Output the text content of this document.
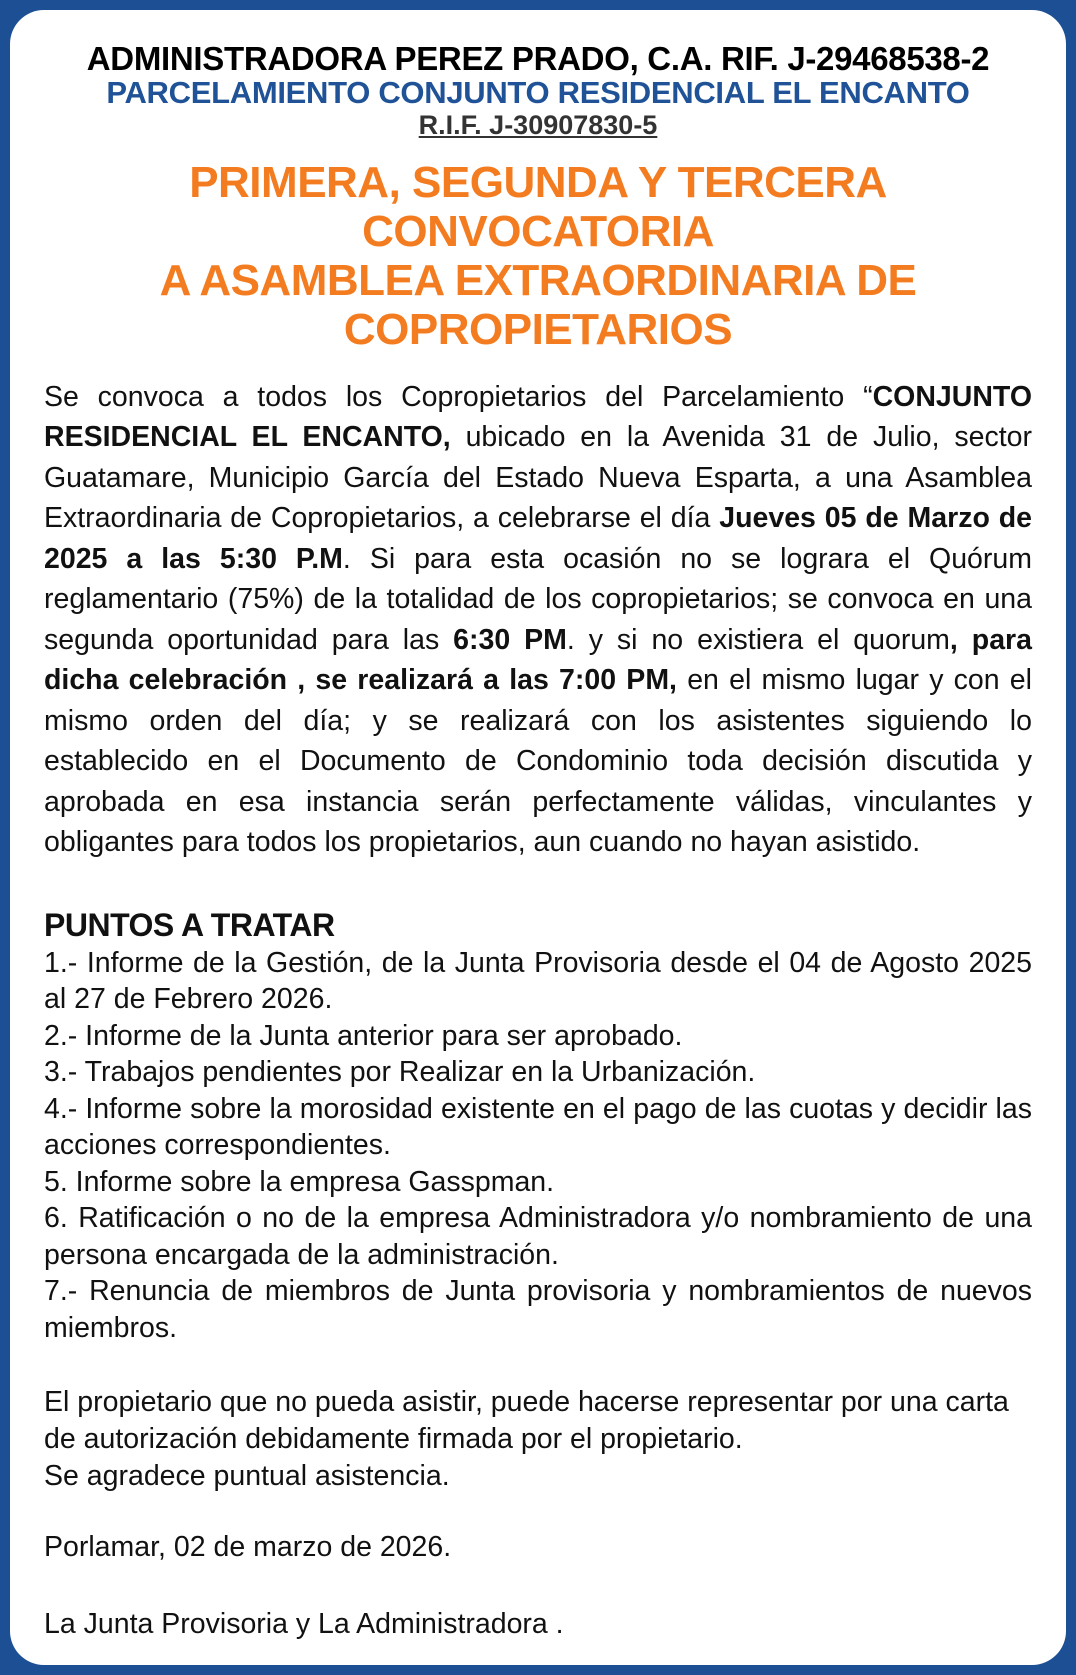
ADMINISTRADORA PEREZ PRADO, C.A. RIF. J-29468538-2
PARCELAMIENTO CONJUNTO RESIDENCIAL EL ENCANTO
R.I.F. J-30907830-5
PRIMERA, SEGUNDA Y TERCERA CONVOCATORIA
A ASAMBLEA EXTRAORDINARIA DE COPROPIETARIOS
Se convoca a todos los Copropietarios del Parcelamiento “CONJUNTO RESIDENCIAL EL ENCANTO, ubicado en la Avenida 31 de Julio, sector Guatamare, Municipio García del Estado Nueva Esparta, a una Asamblea Extraordinaria de Copropietarios, a celebrarse el día Jueves 05 de Marzo de 2025 a las 5:30 P.M. Si para esta ocasión no se lograra el Quórum reglamentario (75%) de la totalidad de los copropietarios; se convoca en una segunda oportunidad para las 6:30 PM. y si no existiera el quorum, para dicha celebración , se realizará a las 7:00 PM, en el mismo lugar y con el mismo orden del día; y se realizará con los asistentes siguiendo lo establecido en el Documento de Condominio toda decisión discutida y aprobada en esa instancia serán perfectamente válidas, vinculantes y obligantes para todos los propietarios, aun cuando no hayan asistido.
PUNTOS A TRATAR
1.- Informe de la Gestión, de la Junta Provisoria desde el 04 de Agosto 2025 al 27 de Febrero 2026.
2.- Informe de la Junta anterior para ser aprobado.
3.- Trabajos pendientes por Realizar en la Urbanización.
4.- Informe sobre la morosidad existente en el pago de las cuotas y decidir las acciones correspondientes.
5. Informe sobre la empresa Gasspman.
6. Ratificación o no de la empresa Administradora y/o nombramiento de una persona encargada de la administración.
7.- Renuncia de miembros de Junta provisoria y nombramientos de nuevos miembros.
El propietario que no pueda asistir, puede hacerse representar por una carta de autorización debidamente firmada por el propietario.
Se agradece puntual asistencia.
Porlamar, 02 de marzo de 2026.
La Junta Provisoria y La Administradora .
